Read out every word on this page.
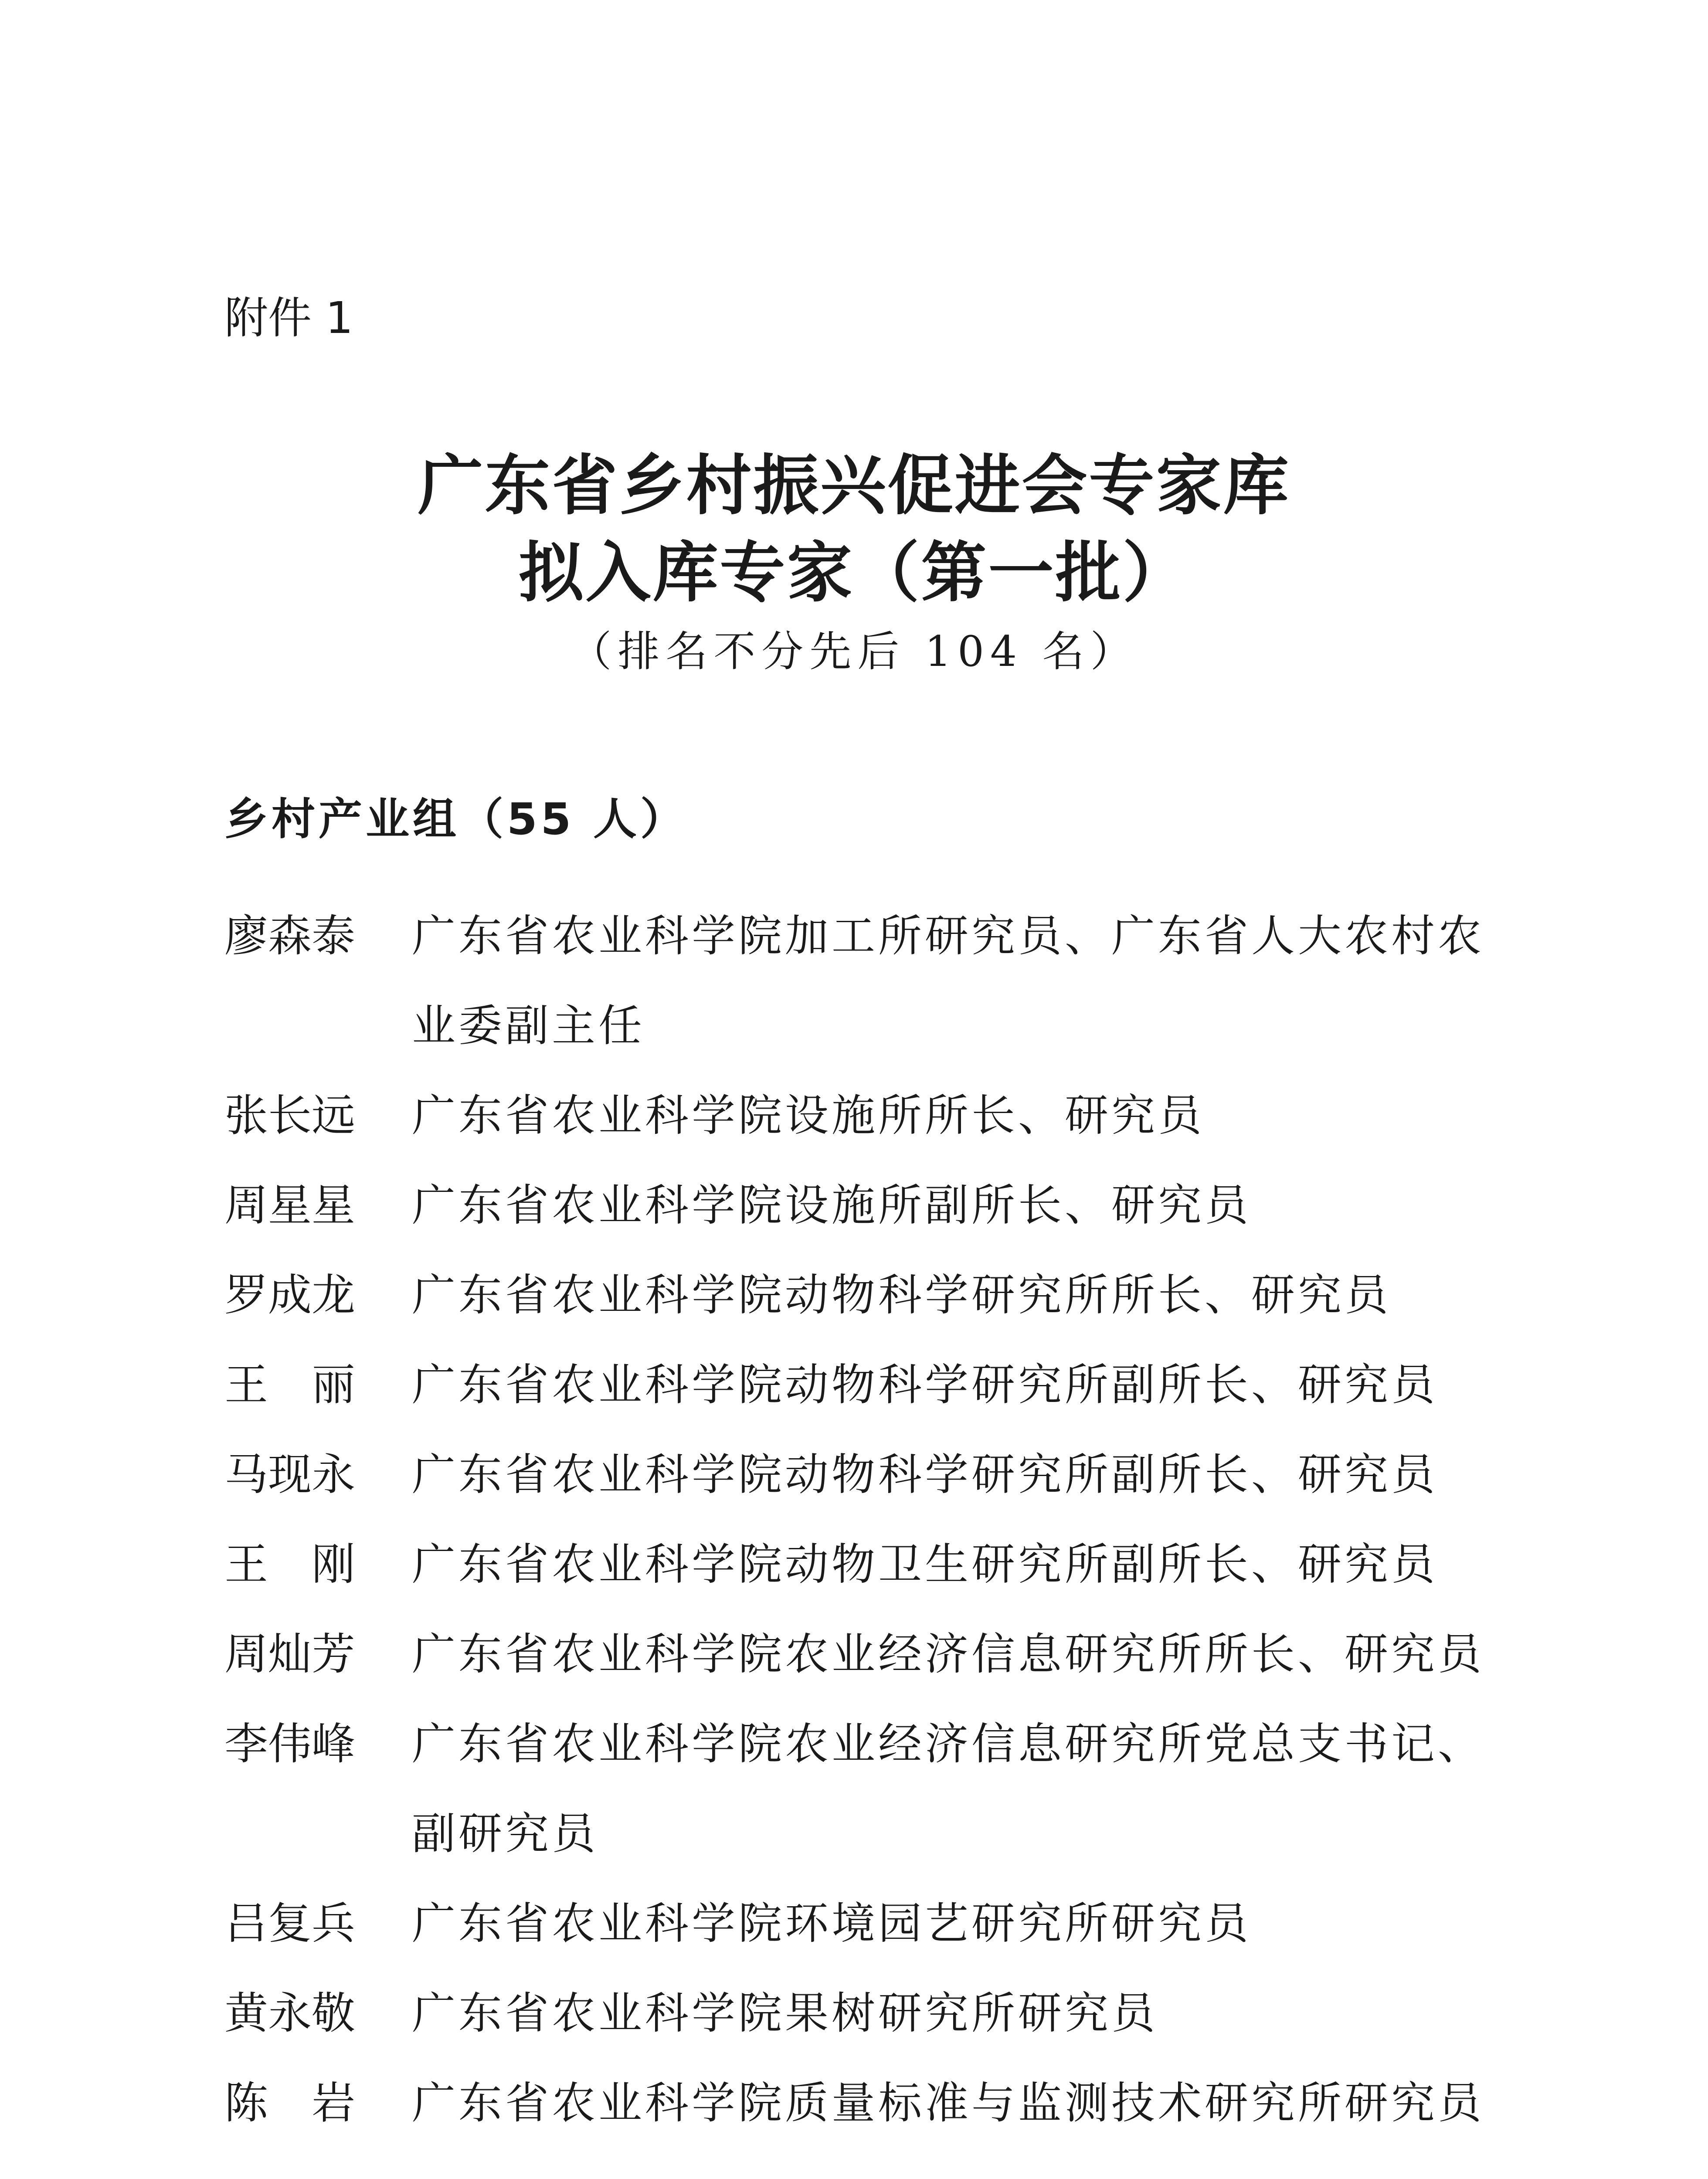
附件 1
广东省乡村振兴促进会专家库
拟入库专家（第一批）
（排名不分先后 104 名）
乡村产业组（55 人）
廖森泰	广东省农业科学院加工所研究员、广东省人大农村农业委副主任
张长远	广东省农业科学院设施所所长、研究员
周星星	广东省农业科学院设施所副所长、研究员
罗成龙	广东省农业科学院动物科学研究所所长、研究员
王　丽	广东省农业科学院动物科学研究所副所长、研究员
马现永	广东省农业科学院动物科学研究所副所长、研究员
王　刚	广东省农业科学院动物卫生研究所副所长、研究员
周灿芳	广东省农业科学院农业经济信息研究所所长、研究员
李伟峰	广东省农业科学院农业经济信息研究所党总支书记、副研究员
吕复兵	广东省农业科学院环境园艺研究所研究员
黄永敬	广东省农业科学院果树研究所研究员
陈　岩	广东省农业科学院质量标准与监测技术研究所研究员
